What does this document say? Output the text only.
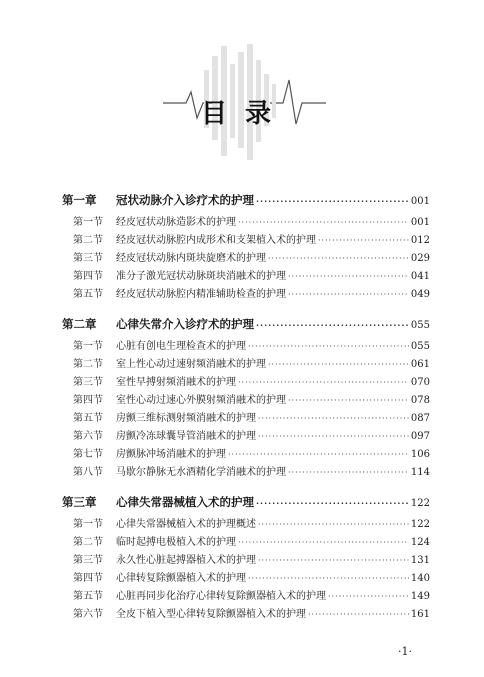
目录
第一章	冠状动脉介入诊疗术的护理 ·····	001
第一节	经皮冠状动脉造影术的护理 ·····	001
第二节	经皮冠状动脉腔内成形术和支架植入术的护理 ·····	012
第三节	经皮冠状动脉内斑块旋磨术的护理 ·····	029
第四节	准分子激光冠状动脉斑块消融术的护理 ·····	041
第五节	经皮冠状动脉腔内精准辅助检查的护理 ·····	049
第二章	心律失常介入诊疗术的护理 ·····	055
第一节	心脏有创电生理检查术的护理 ·····	055
第二节	室上性心动过速射频消融术的护理 ·····	061
第三节	室性早搏射频消融术的护理 ·····	070
第四节	室性心动过速心外膜射频消融术的护理 ·····	078
第五节	房颤三维标测射频消融术的护理 ·····	087
第六节	房颤冷冻球囊导管消融术的护理 ·····	097
第七节	房颤脉冲场消融术的护理 ·····	106
第八节	马歇尔静脉无水酒精化学消融术的护理 ·····	114
第三章	心律失常器械植入术的护理 ·····	122
第一节	心律失常器械植入术的护理概述 ·····	122
第二节	临时起搏电极植入术的护理 ·····	124
第三节	永久性心脏起搏器植入术的护理 ·····	131
第四节	心律转复除颤器植入术的护理 ·····	140
第五节	心脏再同步化治疗心律转复除颤器植入术的护理 ·····	149
第六节	全皮下植入型心律转复除颤器植入术的护理 ·····	161
·1·
